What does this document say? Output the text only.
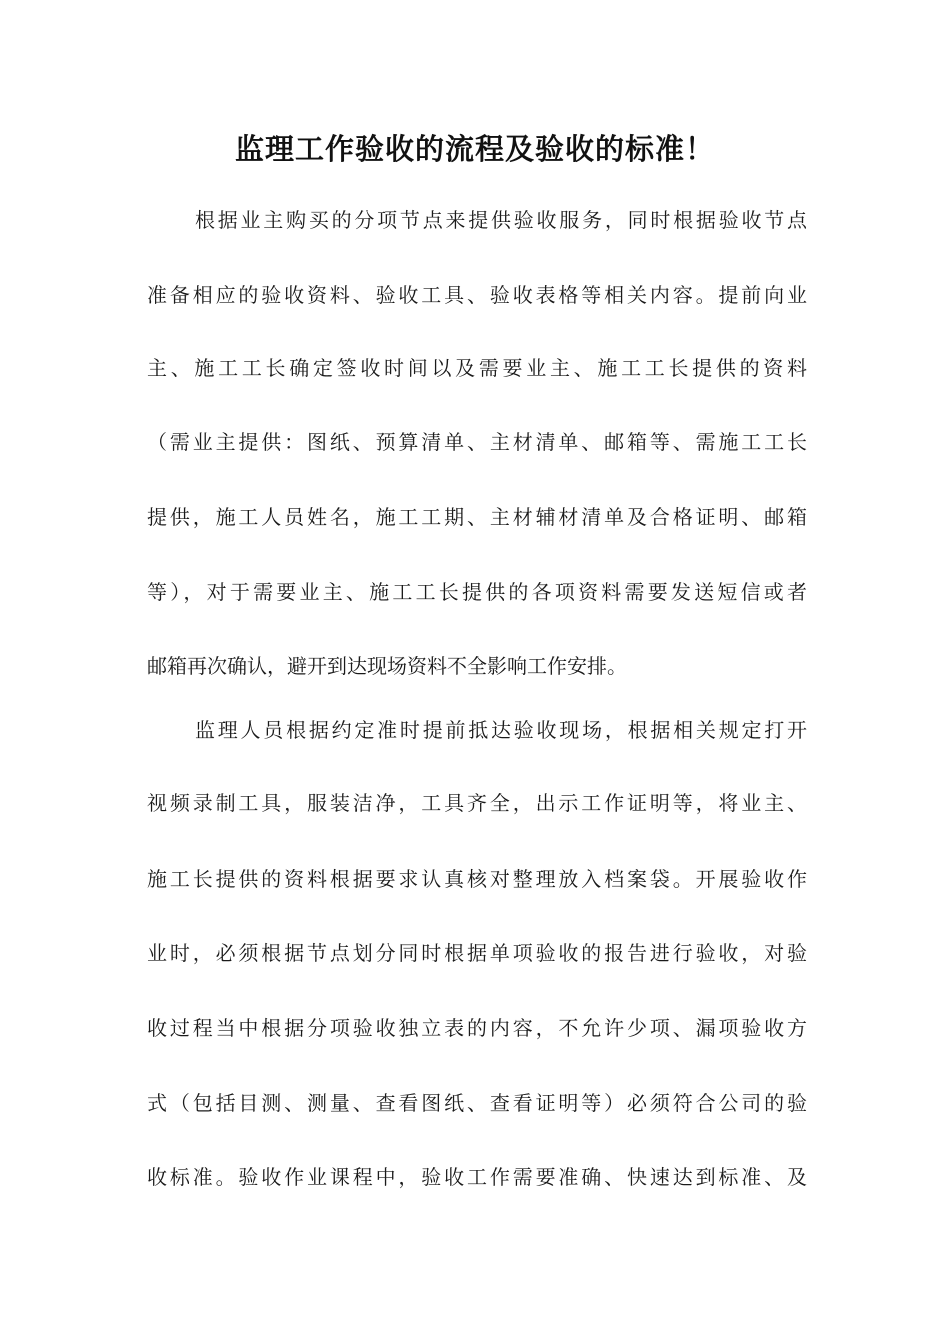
监理工作验收的流程及验收的标准！
根据业主购买的分项节点来提供验收服务，同时根据验收节点
准备相应的验收资料、验收工具、验收表格等相关内容。提前向业
主、施工工长确定签收时间以及需要业主、施工工长提供的资料
（需业主提供：图纸、预算清单、主材清单、邮箱等、需施工工长
提供，施工人员姓名，施工工期、主材辅材清单及合格证明、邮箱
等），对于需要业主、施工工长提供的各项资料需要发送短信或者
邮箱再次确认，避开到达现场资料不全影响工作安排。
监理人员根据约定准时提前抵达验收现场，根据相关规定打开
视频录制工具，服装洁净，工具齐全，出示工作证明等，将业主、
施工长提供的资料根据要求认真核对整理放入档案袋。开展验收作
业时，必须根据节点划分同时根据单项验收的报告进行验收，对验
收过程当中根据分项验收独立表的内容，不允许少项、漏项验收方
式（包括目测、测量、查看图纸、查看证明等）必须符合公司的验
收标准。验收作业课程中，验收工作需要准确、快速达到标准、及
